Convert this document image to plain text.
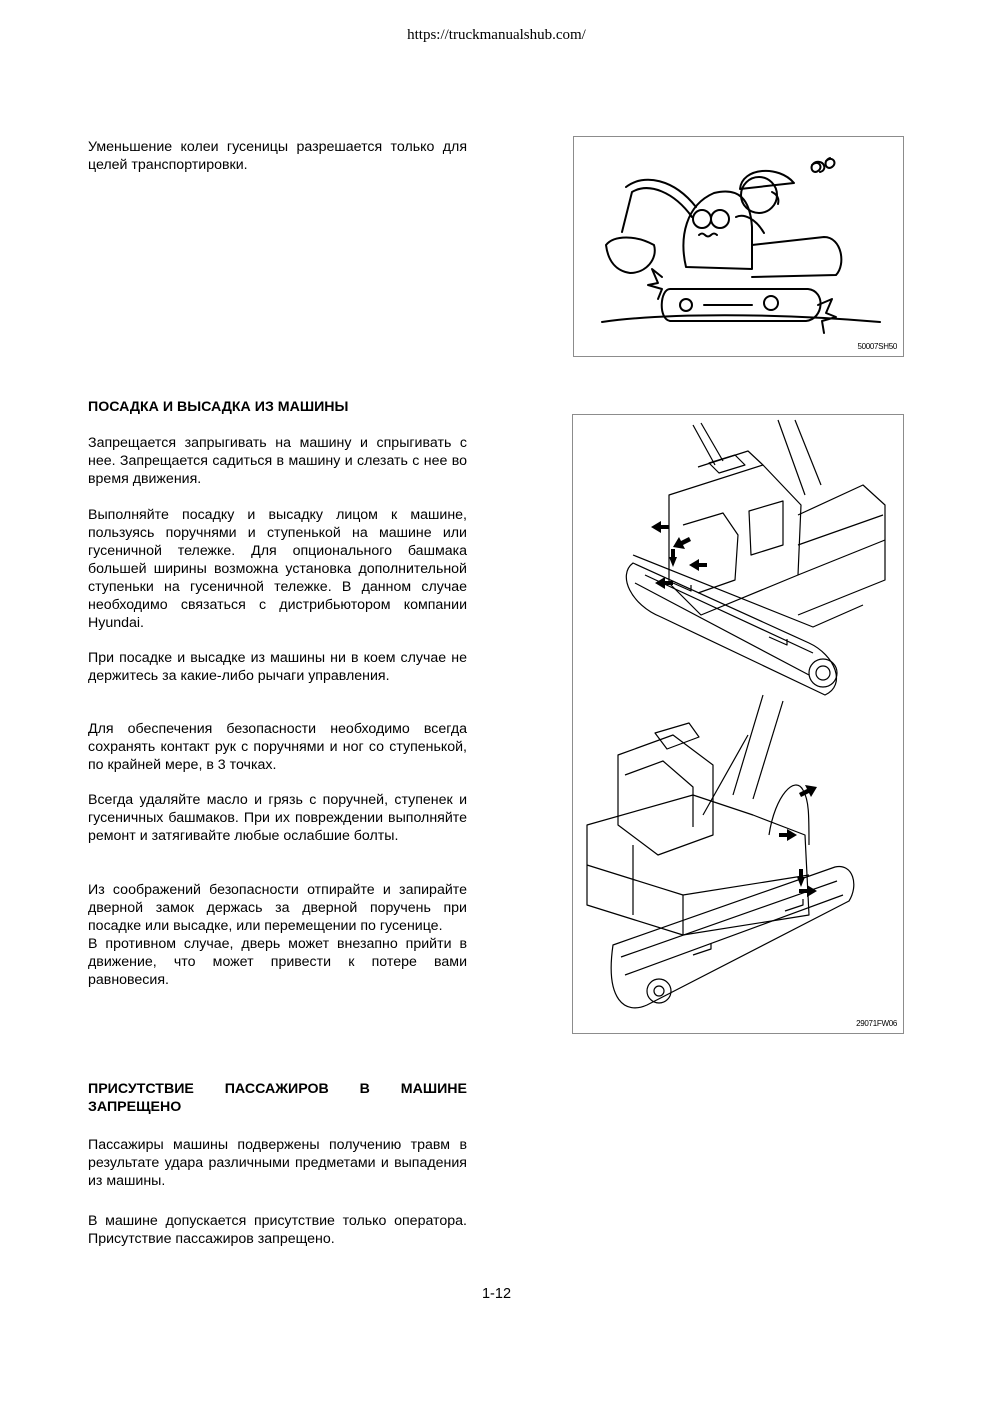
https://truckmanualshub.com/

Уменьшение колеи гусеницы разрешается только для целей транспортировки.

ПОСАДКА И ВЫСАДКА ИЗ МАШИНЫ

Запрещается запрыгивать на машину и спрыгивать с нее. Запрещается садиться в машину и слезать с нее во время движения.

Выполняйте посадку и высадку лицом к машине, пользуясь поручнями и ступенькой на машине или гусеничной тележке. Для опционального башмака большей ширины возможна установка дополнительной ступеньки на гусеничной тележке. В данном случае необходимо связаться с дистрибьютором компании Hyundai.

При посадке и высадке из машины ни в коем случае не держитесь за какие-либо рычаги управления.

Для обеспечения безопасности необходимо всегда сохранять контакт рук с поручнями и ног со ступенькой, по крайней мере, в 3 точках.

Всегда удаляйте масло и грязь с поручней, ступенек и гусеничных башмаков. При их повреждении выполняйте ремонт и затягивайте любые ослабшие болты.

Из соображений безопасности отпирайте и запирайте дверной замок держась за дверной поручень при посадке или высадке, или перемещении по гусенице.

В противном случае, дверь может внезапно прийти в движение, что может привести к потере вами равновесия.

ПРИСУТСТВИЕ ПАССАЖИРОВ В МАШИНЕ ЗАПРЕЩЕНО

Пассажиры машины подвержены получению травм в результате удара различными предметами и выпадения из машины.

В машине допускается присутствие только оператора. Присутствие пассажиров запрещено.

50007SH50
29071FW06
1-12
